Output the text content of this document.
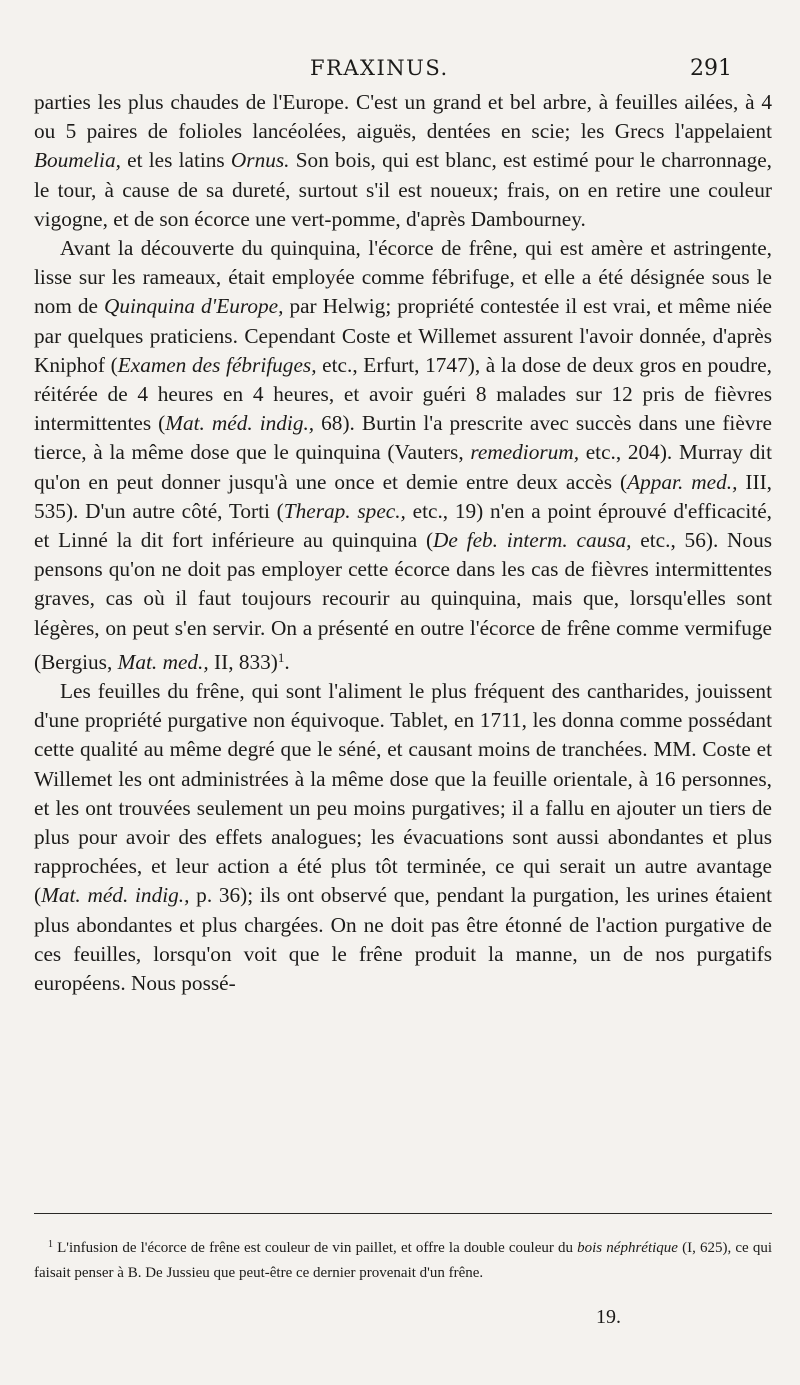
FRAXINUS.	291

parties les plus chaudes de l'Europe. C'est un grand et bel arbre, à feuilles ailées, à 4 ou 5 paires de folioles lancéolées, aiguës, dentées en scie; les Grecs l'appelaient Boumelia, et les latins Ornus. Son bois, qui est blanc, est estimé pour le charronnage, le tour, à cause de sa dureté, surtout s'il est noueux; frais, on en retire une couleur vigogne, et de son écorce une vert-pomme, d'après Dambourney.

Avant la découverte du quinquina, l'écorce de frêne, qui est amère et astringente, lisse sur les rameaux, était employée comme fébrifuge, et elle a été désignée sous le nom de Quinquina d'Europe, par Helwig; propriété contestée il est vrai, et même niée par quelques praticiens. Cependant Coste et Willemet assurent l'avoir donnée, d'après Kniphof (Examen des fébrifuges, etc., Erfurt, 1747), à la dose de deux gros en poudre, réitérée de 4 heures en 4 heures, et avoir guéri 8 malades sur 12 pris de fièvres intermittentes (Mat. méd. indig., 68). Burtin l'a prescrite avec succès dans une fièvre tierce, à la même dose que le quinquina (Vauters, remediorum, etc., 204). Murray dit qu'on en peut donner jusqu'à une once et demie entre deux accès (Appar. med., III, 535). D'un autre côté, Torti (Therap. spec., etc., 19) n'en a point éprouvé d'efficacité, et Linné la dit fort inférieure au quinquina (De feb. interm. causa, etc., 56). Nous pensons qu'on ne doit pas employer cette écorce dans les cas de fièvres intermittentes graves, cas où il faut toujours recourir au quinquina, mais que, lorsqu'elles sont légères, on peut s'en servir. On a présenté en outre l'écorce de frêne comme vermifuge (Bergius, Mat. med., II, 833)$^1$.

Les feuilles du frêne, qui sont l'aliment le plus fréquent des cantharides, jouissent d'une propriété purgative non équivoque. Tablet, en 1711, les donna comme possédant cette qualité au même degré que le séné, et causant moins de tranchées. MM. Coste et Willemet les ont administrées à la même dose que la feuille orientale, à 16 personnes, et les ont trouvées seulement un peu moins purgatives; il a fallu en ajouter un tiers de plus pour avoir des effets analogues; les évacuations sont aussi abondantes et plus rapprochées, et leur action a été plus tôt terminée, ce qui serait un autre avantage (Mat. méd. indig., p. 36); ils ont observé que, pendant la purgation, les urines étaient plus abondantes et plus chargées. On ne doit pas être étonné de l'action purgative de ces feuilles, lorsqu'on voit que le frêne produit la manne, un de nos purgatifs européens. Nous possé-

$^1$ L'infusion de l'écorce de frêne est couleur de vin paillet, et offre la double couleur du bois néphrétique (I, 625), ce qui faisait penser à B. De Jussieu que peut-être ce dernier provenait d'un frêne.
19.
